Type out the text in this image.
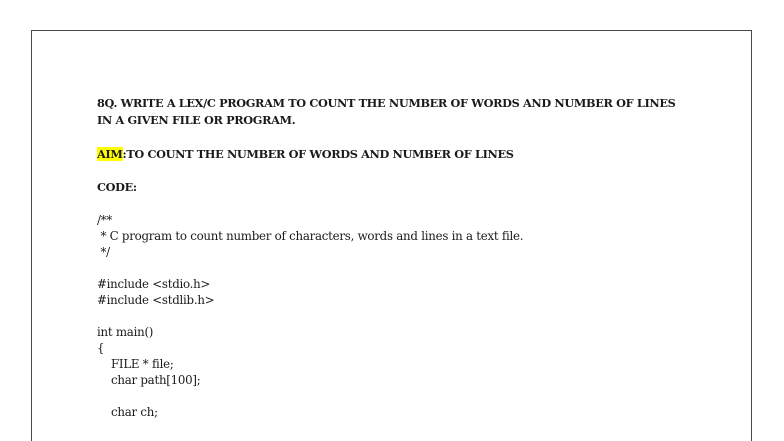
8Q. WRITE A LEX/C PROGRAM TO COUNT THE NUMBER OF WORDS AND NUMBER OF LINES

IN A GIVEN FILE OR PROGRAM.

AIM:TO COUNT THE NUMBER OF WORDS AND NUMBER OF LINES

CODE:

/**

* C program to count number of characters, words and lines in a text file.

*/

#include <stdio.h>

#include <stdlib.h>

int main()

{

FILE * file;

char path[100];

char ch;
